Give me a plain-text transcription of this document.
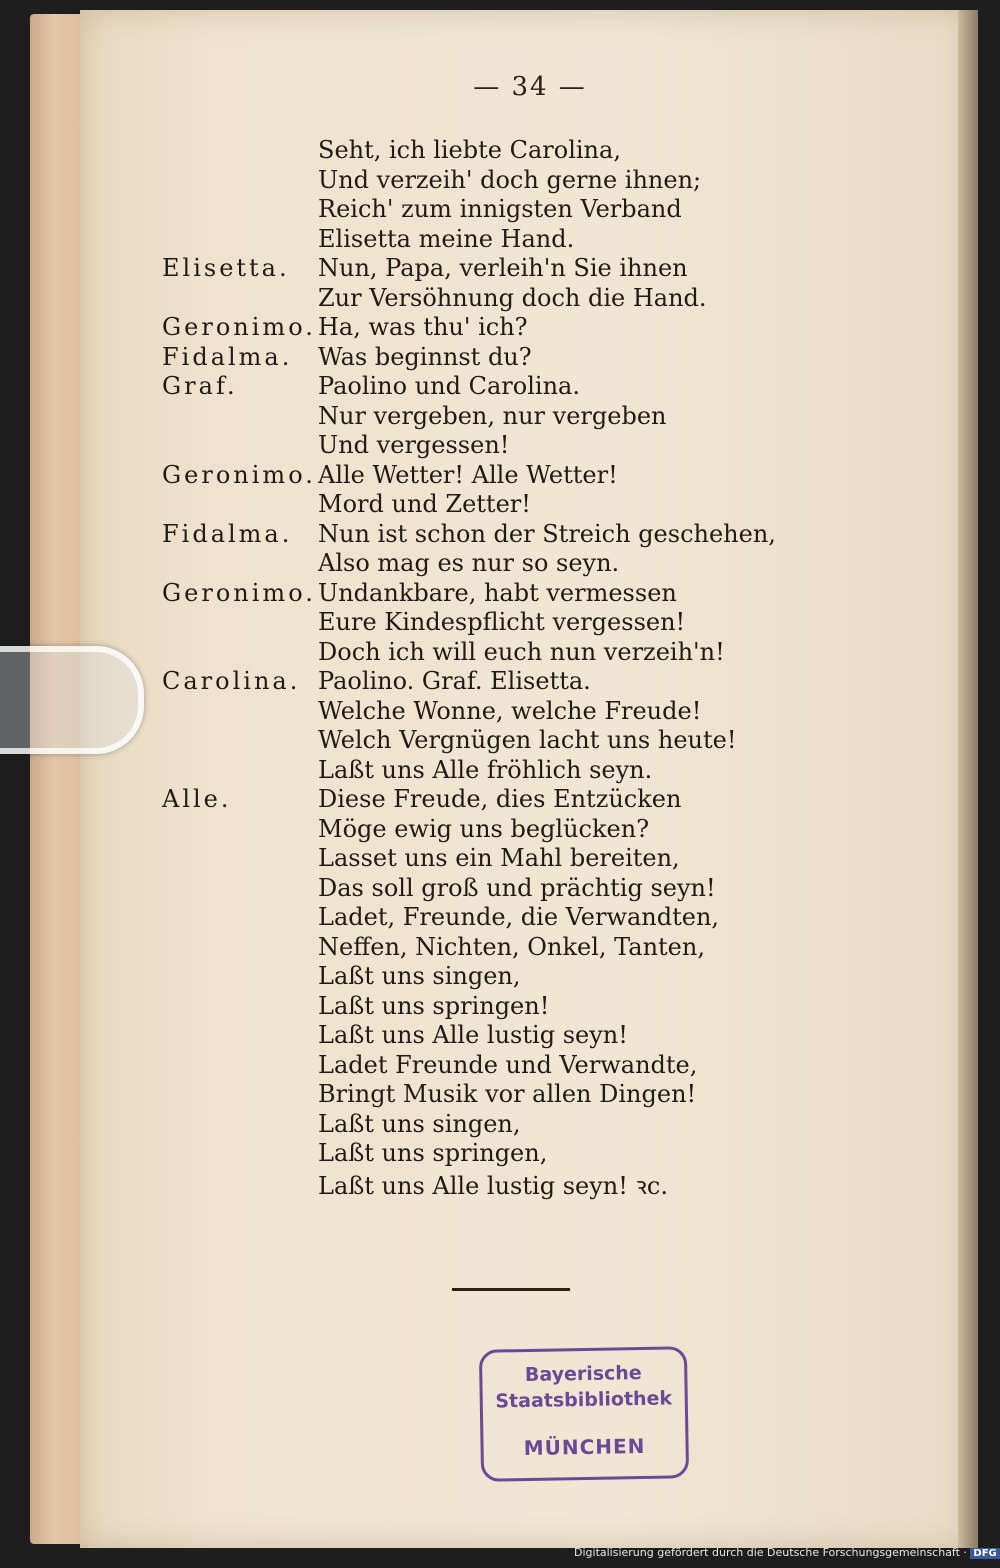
— 34 —
Seht, ich liebte Carolina,
Und verzeih' doch gerne ihnen;
Reich' zum innigsten Verband
Elisetta meine Hand.
Elisetta. Nun, Papa, verleih'n Sie ihnen
Zur Versöhnung doch die Hand.
Geronimo. Ha, was thu' ich?
Fidalma. Was beginnst du?
Graf.	Paolino und Carolina.
Nur vergeben, nur vergeben
Und vergessen!
Geronimo. Alle Wetter! Alle Wetter!
Mord und Zetter!
Fidalma. Nun ist schon der Streich geschehen,
Also mag es nur so seyn.
Geronimo. Undankbare, habt vermessen
Eure Kindespflicht vergessen!
Doch ich will euch nun verzeih'n!
Carolina. Paolino. Graf. Elisetta.
Welche Wonne, welche Freude!
Welch Vergnügen lacht uns heute!
Laßt uns Alle fröhlich seyn.
Alle.	Diese Freude, dies Entzücken
Möge ewig uns beglücken?
Lasset uns ein Mahl bereiten,
Das soll groß und prächtig seyn!
Ladet, Freunde, die Verwandten,
Neffen, Nichten, Onkel, Tanten,
Laßt uns singen,
Laßt uns springen!
Laßt uns Alle lustig seyn!
Ladet Freunde und Verwandte,
Bringt Musik vor allen Dingen!
Laßt uns singen,
Laßt uns springen,
Laßt uns Alle lustig seyn! ꝛc.
Bayerische
Staatsbibliothek
MÜNCHEN
Digitalisierung gefördert durch die Deutsche Forschungsgemeinschaft · DFG
